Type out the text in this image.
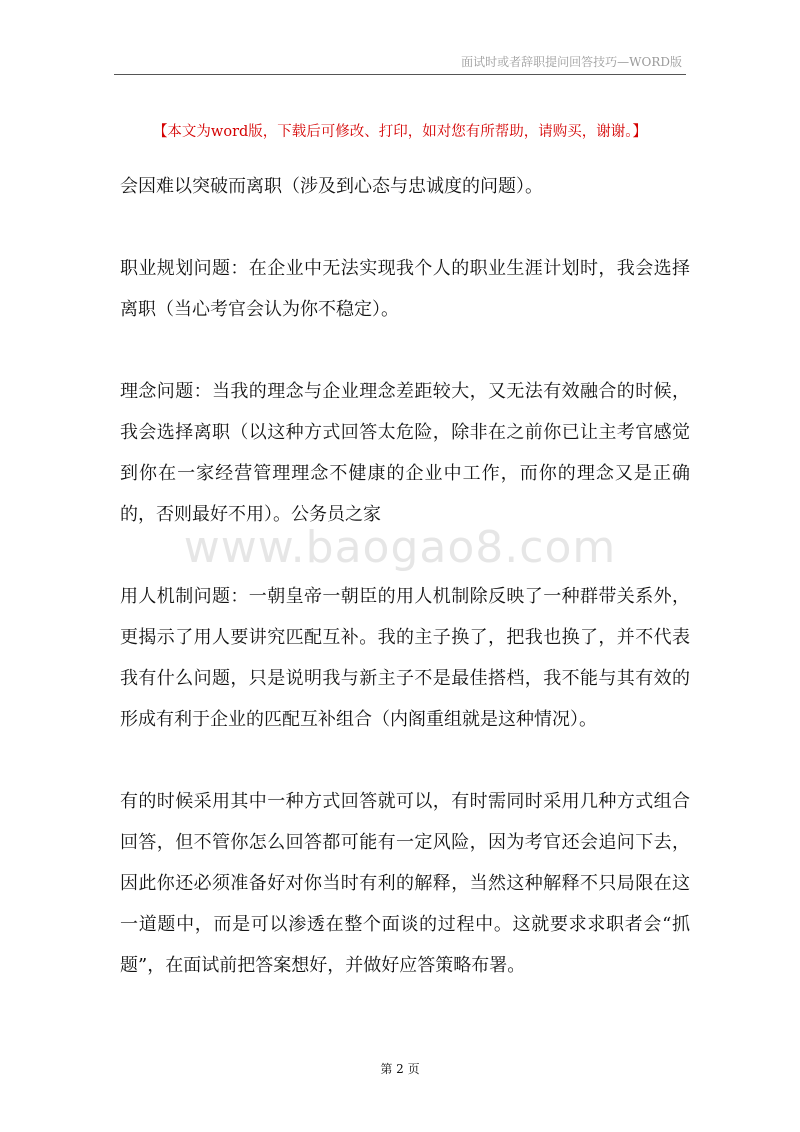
面试时或者辞职提问回答技巧—WORD版
【本文为word版，下载后可修改、打印，如对您有所帮助，请购买，谢谢。】

会因难以突破而离职（涉及到心态与忠诚度的问题）。

职业规划问题：在企业中无法实现我个人的职业生涯计划时，我会选择离职（当心考官会认为你不稳定）。

理念问题：当我的理念与企业理念差距较大，又无法有效融合的时候，我会选择离职（以这种方式回答太危险，除非在之前你已让主考官感觉到你在一家经营管理理念不健康的企业中工作，而你的理念又是正确的，否则最好不用）。公务员之家

用人机制问题：一朝皇帝一朝臣的用人机制除反映了一种群带关系外，更揭示了用人要讲究匹配互补。我的主子换了，把我也换了，并不代表我有什么问题，只是说明我与新主子不是最佳搭档，我不能与其有效的形成有利于企业的匹配互补组合（内阁重组就是这种情况）。

有的时候采用其中一种方式回答就可以，有时需同时采用几种方式组合回答，但不管你怎么回答都可能有一定风险，因为考官还会追问下去，因此你还必须准备好对你当时有利的解释，当然这种解释不只局限在这一道题中，而是可以渗透在整个面谈的过程中。这就要求求职者会“抓题”，在面试前把答案想好，并做好应答策略布署。

www.baogao8.com
第 2 页
